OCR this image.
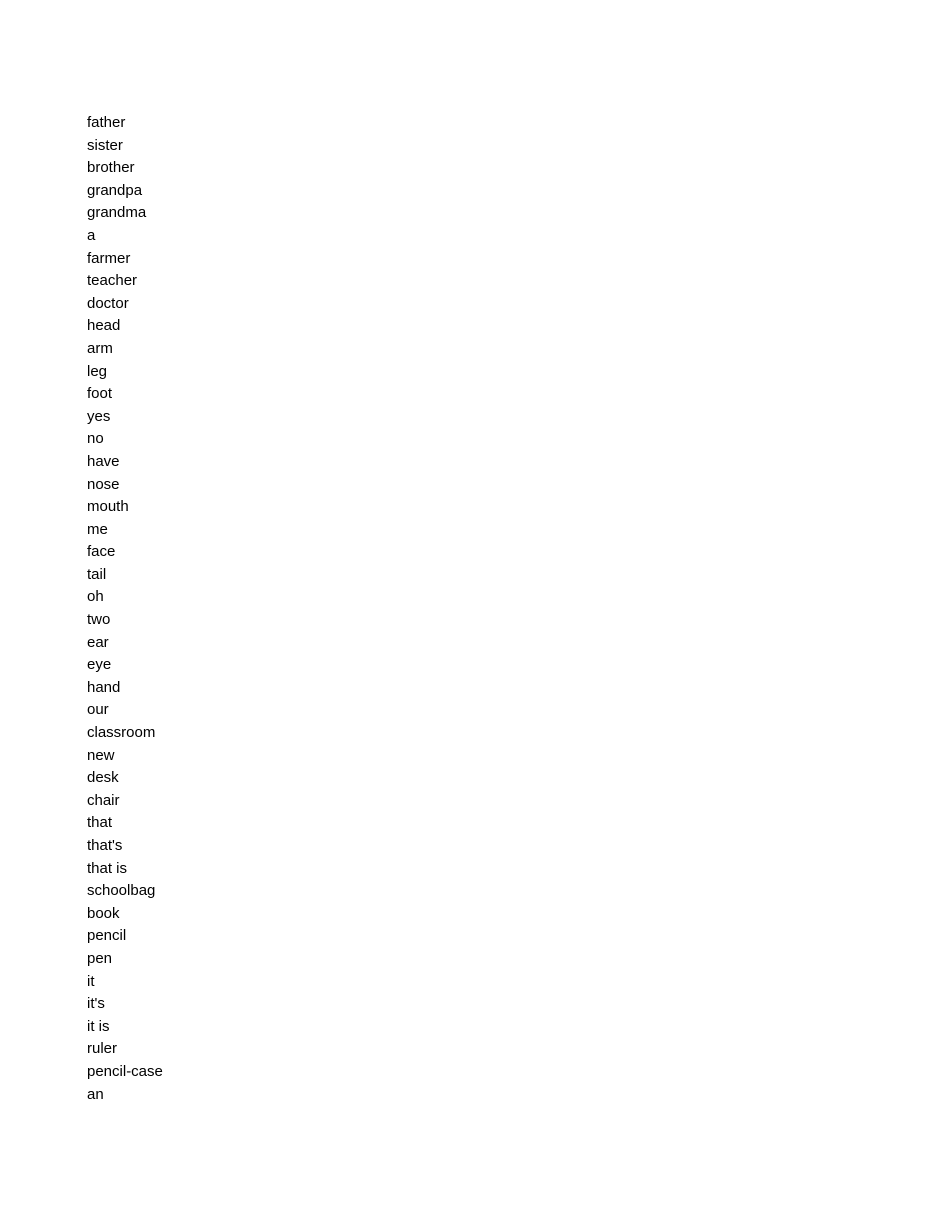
father
sister
brother
grandpa
grandma
a
farmer
teacher
doctor
head
arm
leg
foot
yes
no
have
nose
mouth
me
face
tail
oh
two
ear
eye
hand
our
classroom
new
desk
chair
that
that's
that is
schoolbag
book
pencil
pen
it
it's
it is
ruler
pencil-case
an
